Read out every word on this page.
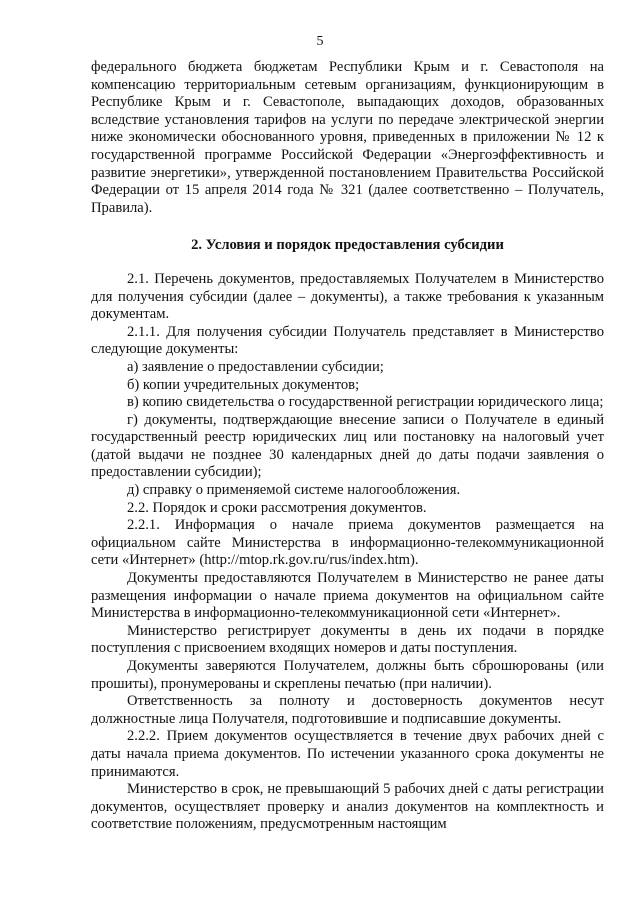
5

федерального бюджета бюджетам Республики Крым и г. Севастополя на компенсацию территориальным сетевым организациям, функционирующим в Республике Крым и г. Севастополе, выпадающих доходов, образованных вследствие установления тарифов на услуги по передаче электрической энергии ниже экономически обоснованного уровня, приведенных в приложении № 12 к государственной программе Российской Федерации «Энергоэффективность и развитие энергетики», утвержденной постановлением Правительства Российской Федерации от 15 апреля 2014 года № 321 (далее соответственно – Получатель, Правила).

2. Условия и порядок предоставления субсидии

2.1. Перечень документов, предоставляемых Получателем в Министерство для получения субсидии (далее – документы), а также требования к указанным документам.

2.1.1. Для получения субсидии Получатель представляет в Министерство следующие документы:

а) заявление о предоставлении субсидии;

б) копии учредительных документов;

в) копию свидетельства о государственной регистрации юридического лица;

г) документы, подтверждающие внесение записи о Получателе в единый государственный реестр юридических лиц или постановку на налоговый учет (датой выдачи не позднее 30 календарных дней до даты подачи заявления о предоставлении субсидии);

д) справку о применяемой системе налогообложения.

2.2. Порядок и сроки рассмотрения документов.

2.2.1. Информация о начале приема документов размещается на официальном сайте Министерства в информационно-телекоммуникационной сети «Интернет» (http://mtop.rk.gov.ru/rus/index.htm).

Документы предоставляются Получателем в Министерство не ранее даты размещения информации о начале приема документов на официальном сайте Министерства в информационно-телекоммуникационной сети «Интернет».

Министерство регистрирует документы в день их подачи в порядке поступления с присвоением входящих номеров и даты поступления.

Документы заверяются Получателем, должны быть сброшюрованы (или прошиты), пронумерованы и скреплены печатью (при наличии).

Ответственность за полноту и достоверность документов несут должностные лица Получателя, подготовившие и подписавшие документы.

2.2.2. Прием документов осуществляется в течение двух рабочих дней с даты начала приема документов. По истечении указанного срока документы не принимаются.

Министерство в срок, не превышающий 5 рабочих дней с даты регистрации документов, осуществляет проверку и анализ документов на комплектность и соответствие положениям, предусмотренным настоящим
